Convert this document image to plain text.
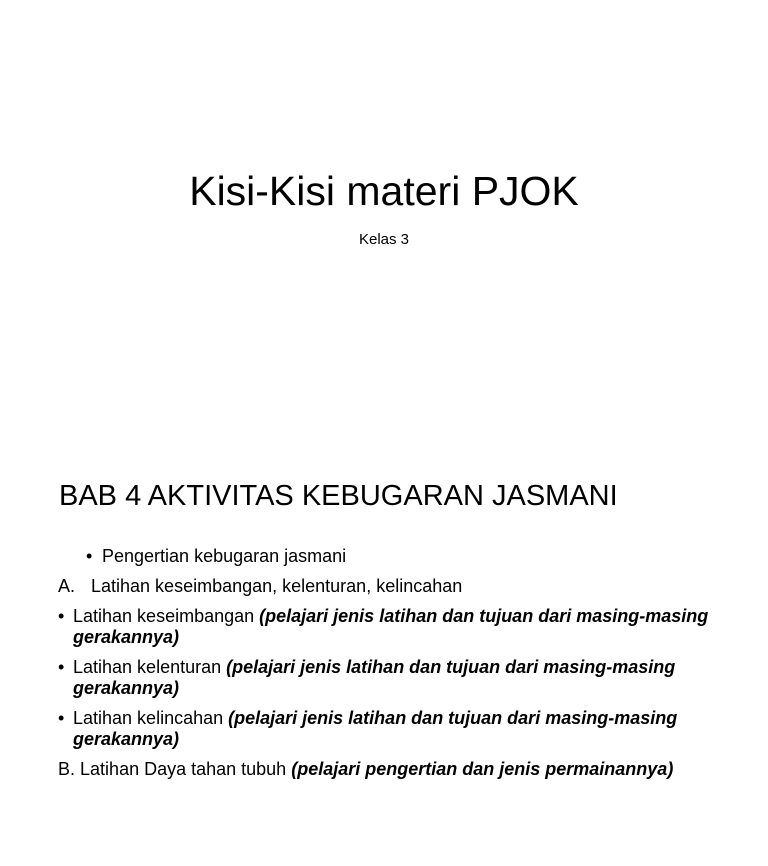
Kisi-Kisi materi PJOK
Kelas 3
BAB 4 AKTIVITAS KEBUGARAN JASMANI
• Pengertian kebugaran jasmani
A. Latihan keseimbangan, kelenturan, kelincahan
• Latihan keseimbangan (pelajari jenis latihan dan tujuan dari masing-masing gerakannya)
• Latihan kelenturan (pelajari jenis latihan dan tujuan dari masing-masing gerakannya)
• Latihan kelincahan (pelajari jenis latihan dan tujuan dari masing-masing gerakannya)
B. Latihan Daya tahan tubuh (pelajari pengertian dan jenis permainannya)
